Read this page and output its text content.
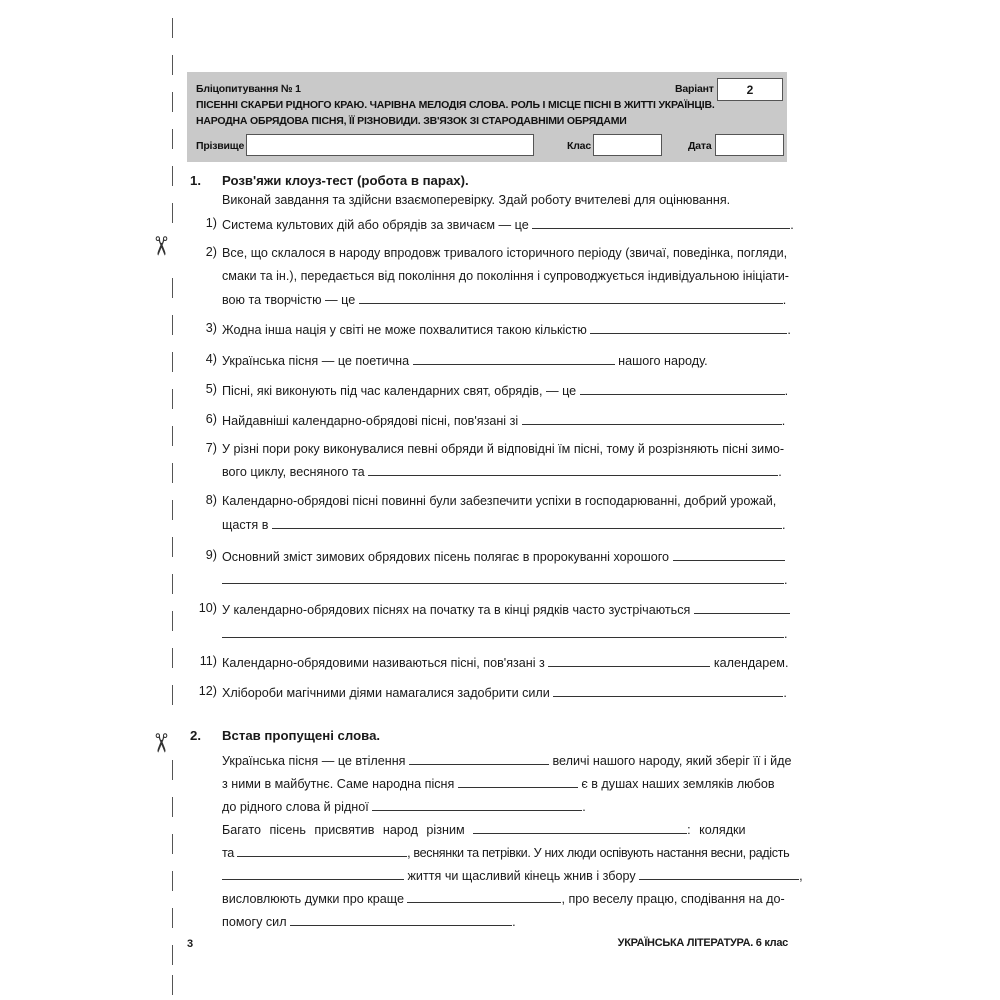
✂
✂
Бліцопитування № 1
ПІСЕННІ СКАРБИ РІДНОГО КРАЮ. ЧАРІВНА МЕЛОДІЯ СЛОВА. РОЛЬ І МІСЦЕ ПІСНІ В ЖИТТІ УКРАЇНЦІВ.
НАРОДНА ОБРЯДОВА ПІСНЯ, ЇЇ РІЗНОВИДИ. ЗВ'ЯЗОК ЗІ СТАРОДАВНІМИ ОБРЯДАМИ
Варіант	2
Прізвище	Клас	Дата
1. Розв'яжи клоуз-тест (робота в парах).
Виконай завдання та здійсни взаємоперевірку. Здай роботу вчителеві для оцінювання.
1) Система культових дій або обрядів за звичаєм — це	.
2) Все, що склалося в народу впродовж тривалого історичного періоду (звичаї, поведінка, погляди,
смаки та ін.), передається від покоління до покоління і супроводжується індивідуальною ініціати-
вою та творчістю — це	.
3) Жодна інша нація у світі не може похвалитися такою кількістю	.
4) Українська пісня — це поетична	нашого народу.
5) Пісні, які виконують під час календарних свят, обрядів, — це	.
6) Найдавніші календарно-обрядові пісні, пов'язані зі	.
7) У різні пори року виконувалися певні обряди й відповідні їм пісні, тому й розрізняють пісні зимо-
вого циклу, весняного та	.
8) Календарно-обрядові пісні повинні були забезпечити успіхи в господарюванні, добрий урожай,
щастя в	.
9) Основний зміст зимових обрядових пісень полягає в пророкуванні хорошого
.
10) У календарно-обрядових піснях на початку та в кінці рядків часто зустрічаються
.
11) Календарно-обрядовими називаються пісні, пов'язані з	календарем.
12) Хлібороби магічними діями намагалися задобрити сили	.
2. Встав пропущені слова.
Українська пісня — це втілення	величі нашого народу, який зберіг її і йде
з ними в майбутнє. Саме народна пісня	є в душах наших земляків любов
до рідного слова й рідної	.
Багато пісень присвятив народ різним	: колядки
та	, веснянки та петрівки. У них люди оспівують настання весни, радість
життя чи щасливий кінець жнив і збору	,
висловлюють думки про краще	, про веселу працю, сподівання на до-
помогу сил	.
3	УКРАЇНСЬКА ЛІТЕРАТУРА. 6 клас
